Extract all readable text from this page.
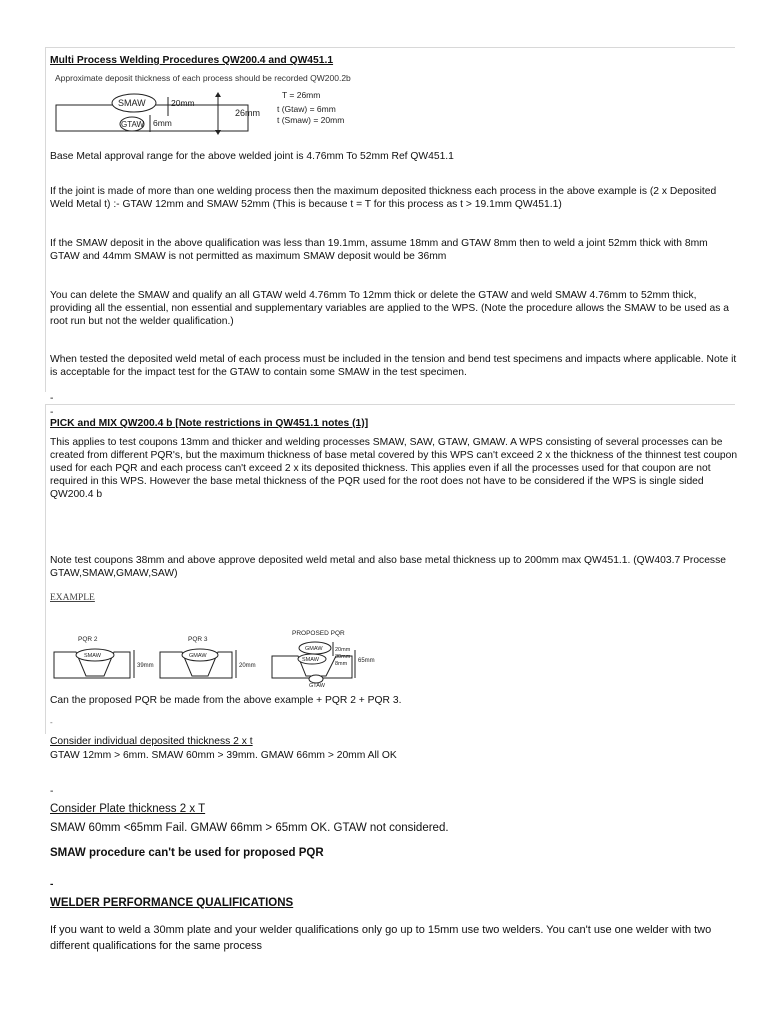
Multi Process Welding Procedures QW200.4 and QW451.1
Approximate deposit thickness of each process should be recorded QW200.2b
SMAW
GTAW
20mm
6mm
26mm
T = 26mm
t (Gtaw) = 6mm
t (Smaw) = 20mm
Base Metal approval range for the above welded joint is 4.76mm To 52mm Ref QW451.1
If the joint is made of more than one welding process then the maximum deposited thickness each process in the above example is (2 x Deposited Weld Metal t) :- GTAW 12mm and SMAW 52mm (This is because t = T for this process as t > 19.1mm QW451.1)
If the SMAW deposit in the above qualification was less than 19.1mm, assume 18mm and GTAW 8mm then to weld a joint 52mm thick with 8mm GTAW and 44mm SMAW is not permitted as maximum SMAW deposit would be 36mm
You can delete the SMAW and qualify an all GTAW weld 4.76mm To 12mm thick or delete the GTAW and weld SMAW 4.76mm to 52mm thick, providing all the essential, non essential and supplementary variables are applied to the WPS. (Note the procedure allows the SMAW to be used as a root run but not the welder qualification.)
When tested the deposited weld metal of each process must be included in the tension and bend test specimens and impacts where applicable. Note it is acceptable for the impact test for the GTAW to contain some SMAW in the test specimen.
-
-
PICK and MIX QW200.4 b [Note restrictions in QW451.1 notes (1)]
This applies to test coupons 13mm and thicker and welding processes SMAW, SAW, GTAW, GMAW. A WPS consisting of several processes can be created from different PQR's, but the maximum thickness of base metal covered by this WPS can't exceed 2 x the thickness of the thinnest test coupon used for each PQR and each process can't exceed 2 x its deposited thickness. This applies even if all the processes used for that coupon are not required in this WPS. However the base metal thickness of the PQR used for the root does not have to be considered if the WPS is single sided QW200.4 b
Note test coupons 38mm and above approve deposited weld metal and also base metal thickness up to 200mm max QW451.1. (QW403.7 Processe GTAW,SMAW,GMAW,SAW)
EXAMPLE
PQR 2
SMAW
39mm
PQR 3
GMAW
20mm
PROPOSED PQR
GMAW
SMAW
GTAW
20mm
30mm
8mm 65mm
Can the proposed PQR be made from the above example + PQR 2 + PQR 3.
-
Consider individual deposited thickness 2 x t
GTAW 12mm > 6mm. SMAW 60mm > 39mm. GMAW 66mm > 20mm All OK
-
Consider Plate thickness 2 x T
SMAW 60mm <65mm Fail. GMAW 66mm > 65mm OK. GTAW not considered.
SMAW procedure can't be used for proposed PQR
-
WELDER PERFORMANCE QUALIFICATIONS
If you want to weld a 30mm plate and your welder qualifications only go up to 15mm use two welders. You can't use one welder with two different qualifications for the same process
